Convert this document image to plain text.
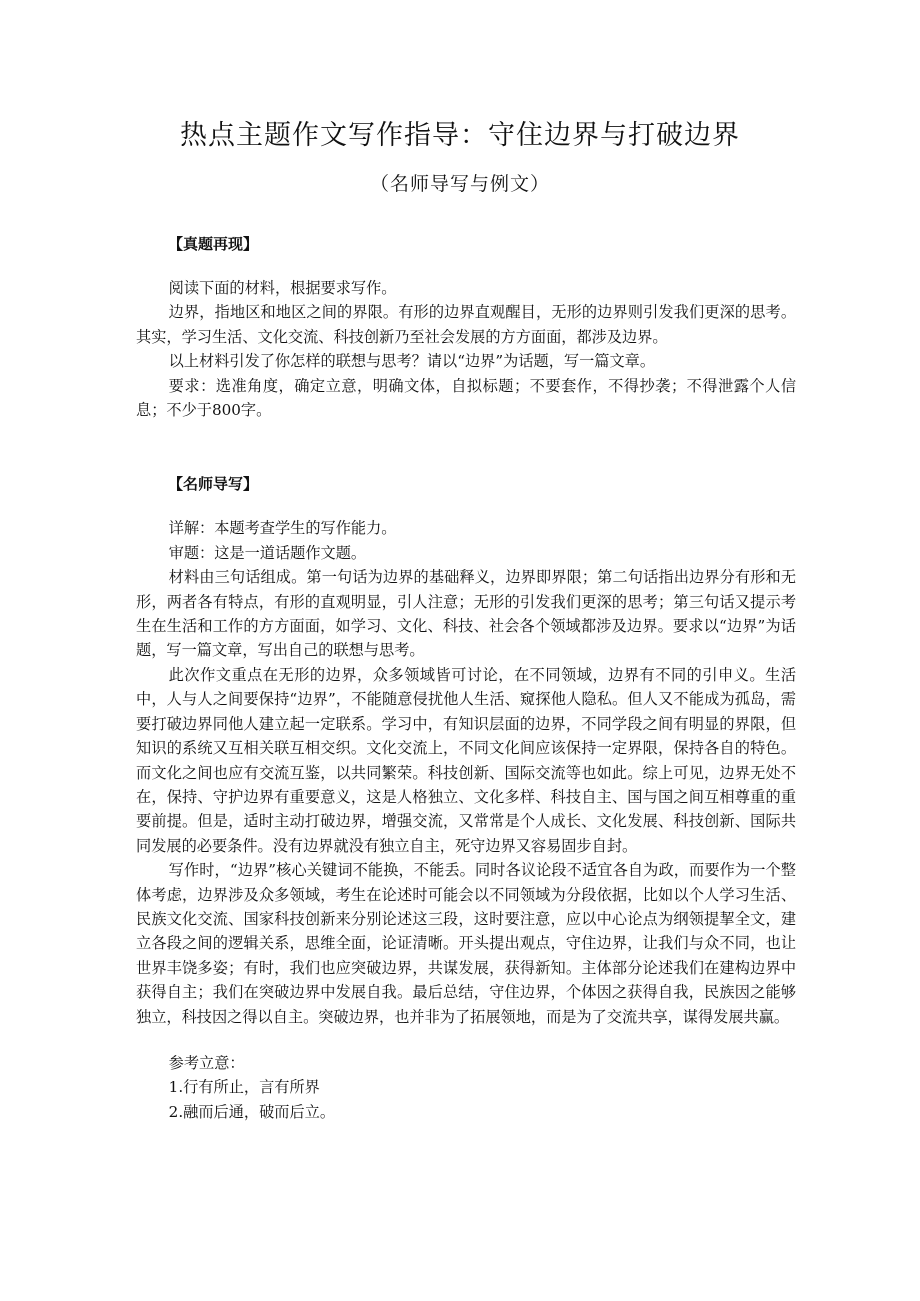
热点主题作文写作指导：守住边界与打破边界
（名师导写与例文）
【真题再现】

阅读下面的材料，根据要求写作。

边界，指地区和地区之间的界限。有形的边界直观醒目，无形的边界则引发我们更深的思考。其实，学习生活、文化交流、科技创新乃至社会发展的方方面面，都涉及边界。

以上材料引发了你怎样的联想与思考？请以“边界”为话题，写一篇文章。

要求：选准角度，确定立意，明确文体，自拟标题；不要套作，不得抄袭；不得泄露个人信息；不少于800字。

【名师导写】

详解：本题考查学生的写作能力。

审题：这是一道话题作文题。

材料由三句话组成。第一句话为边界的基础释义，边界即界限；第二句话指出边界分有形和无形，两者各有特点，有形的直观明显，引人注意；无形的引发我们更深的思考；第三句话又提示考生在生活和工作的方方面面，如学习、文化、科技、社会各个领域都涉及边界。要求以“边界”为话题，写一篇文章，写出自己的联想与思考。

此次作文重点在无形的边界，众多领域皆可讨论，在不同领域，边界有不同的引申义。生活中，人与人之间要保持“边界”，不能随意侵扰他人生活、窥探他人隐私。但人又不能成为孤岛，需要打破边界同他人建立起一定联系。学习中，有知识层面的边界，不同学段之间有明显的界限，但知识的系统又互相关联互相交织。文化交流上，不同文化间应该保持一定界限，保持各自的特色。而文化之间也应有交流互鉴，以共同繁荣。科技创新、国际交流等也如此。综上可见，边界无处不在，保持、守护边界有重要意义，这是人格独立、文化多样、科技自主、国与国之间互相尊重的重要前提。但是，适时主动打破边界，增强交流，又常常是个人成长、文化发展、科技创新、国际共同发展的必要条件。没有边界就没有独立自主，死守边界又容易固步自封。

写作时，“边界”核心关键词不能换，不能丢。同时各议论段不适宜各自为政，而要作为一个整体考虑，边界涉及众多领域，考生在论述时可能会以不同领域为分段依据，比如以个人学习生活、民族文化交流、国家科技创新来分别论述这三段，这时要注意，应以中心论点为纲领提挈全文，建立各段之间的逻辑关系，思维全面，论证清晰。开头提出观点，守住边界，让我们与众不同，也让世界丰饶多姿；有时，我们也应突破边界，共谋发展，获得新知。主体部分论述我们在建构边界中获得自主；我们在突破边界中发展自我。最后总结，守住边界，个体因之获得自我，民族因之能够独立，科技因之得以自主。突破边界，也并非为了拓展领地，而是为了交流共享，谋得发展共赢。

参考立意：

1.行有所止，言有所界

2.融而后通，破而后立。
